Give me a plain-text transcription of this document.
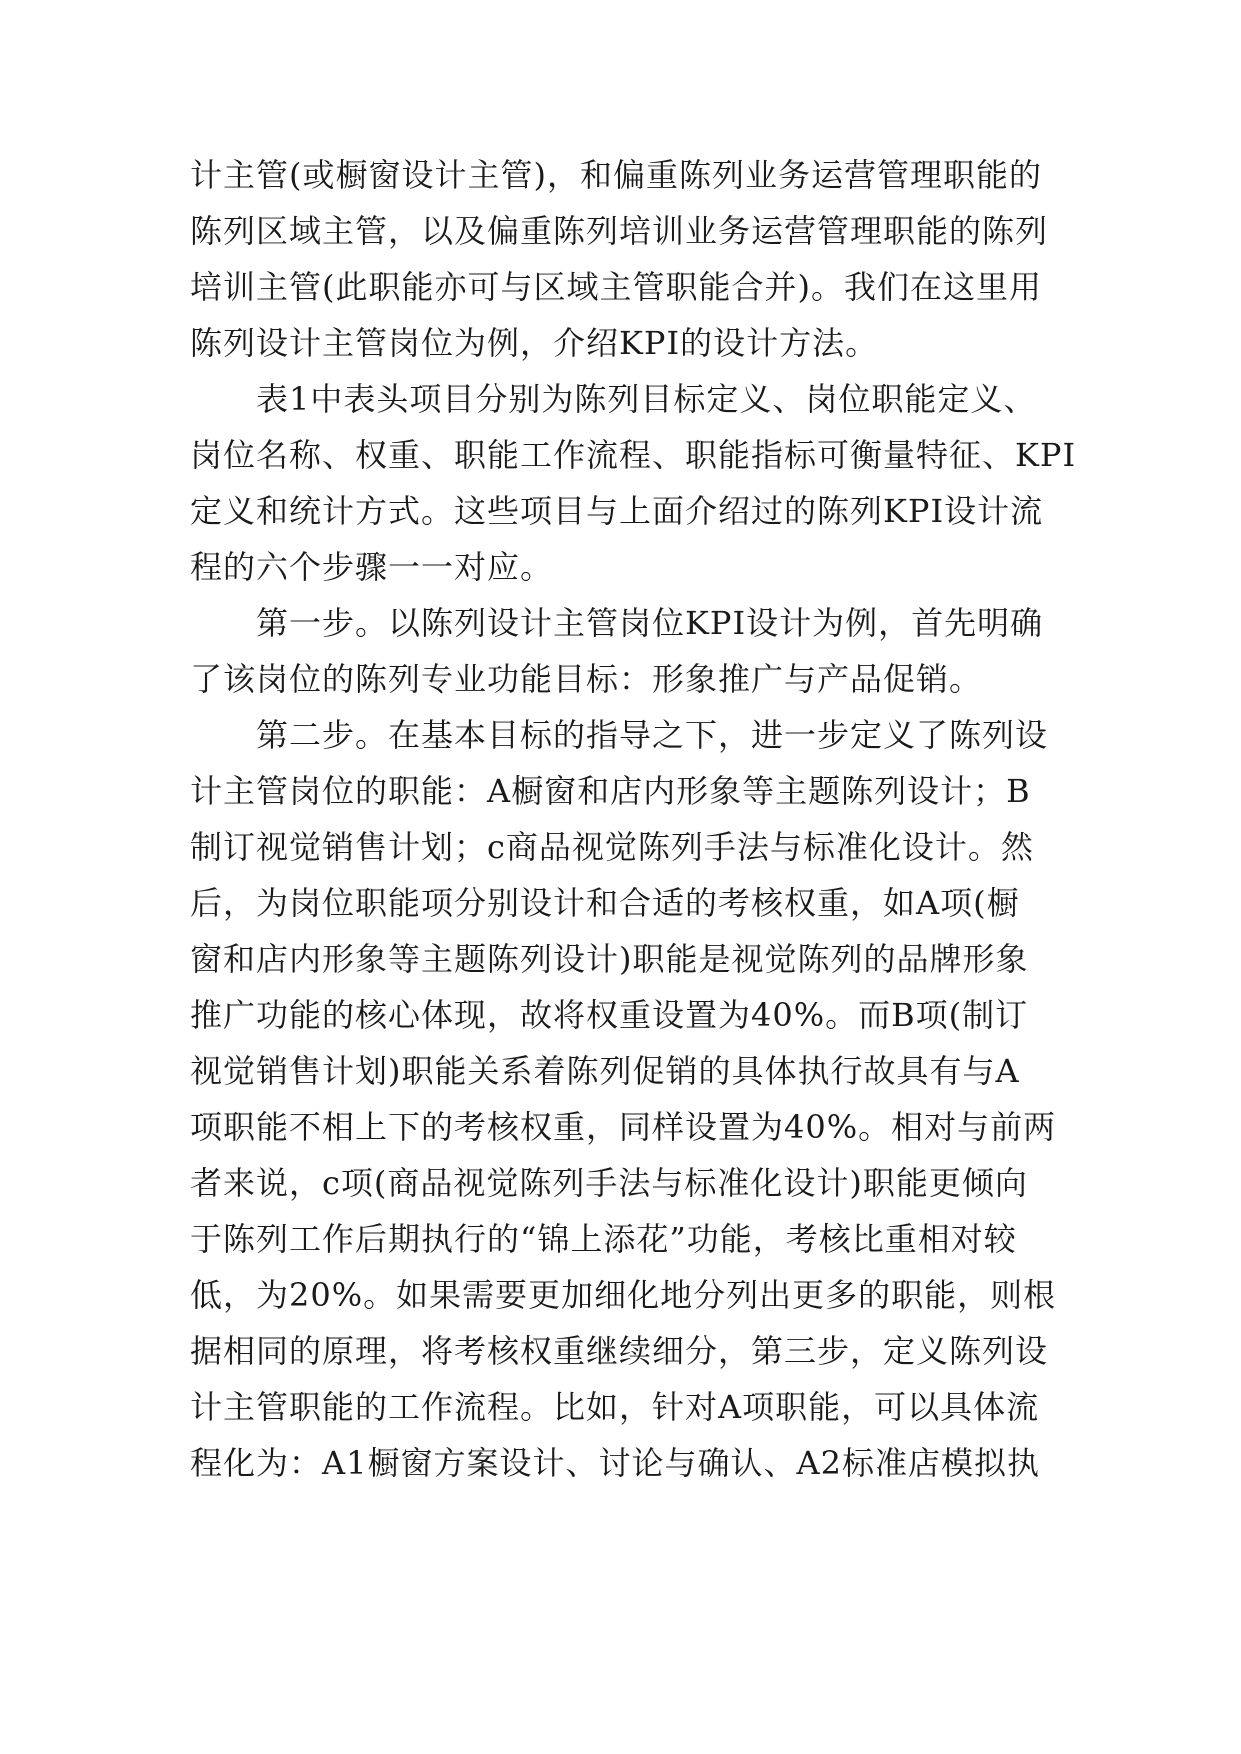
计主管(或橱窗设计主管)，和偏重陈列业务运营管理职能的
陈列区域主管，以及偏重陈列培训业务运营管理职能的陈列
培训主管(此职能亦可与区域主管职能合并)。我们在这里用
陈列设计主管岗位为例，介绍KPI的设计方法。
表1中表头项目分别为陈列目标定义、岗位职能定义、
岗位名称、权重、职能工作流程、职能指标可衡量特征、KPI
定义和统计方式。这些项目与上面介绍过的陈列KPI设计流
程的六个步骤一一对应。
第一步。以陈列设计主管岗位KPI设计为例，首先明确
了该岗位的陈列专业功能目标：形象推广与产品促销。
第二步。在基本目标的指导之下，进一步定义了陈列设
计主管岗位的职能：A橱窗和店内形象等主题陈列设计；B
制订视觉销售计划；c商品视觉陈列手法与标准化设计。然
后，为岗位职能项分别设计和合适的考核权重，如A项(橱
窗和店内形象等主题陈列设计)职能是视觉陈列的品牌形象
推广功能的核心体现，故将权重设置为40%。而B项(制订
视觉销售计划)职能关系着陈列促销的具体执行故具有与A
项职能不相上下的考核权重，同样设置为40%。相对与前两
者来说，c项(商品视觉陈列手法与标准化设计)职能更倾向
于陈列工作后期执行的“锦上添花”功能，考核比重相对较
低，为20%。如果需要更加细化地分列出更多的职能，则根
据相同的原理，将考核权重继续细分，第三步，定义陈列设
计主管职能的工作流程。比如，针对A项职能，可以具体流
程化为：A1橱窗方案设计、讨论与确认、A2标准店模拟执
